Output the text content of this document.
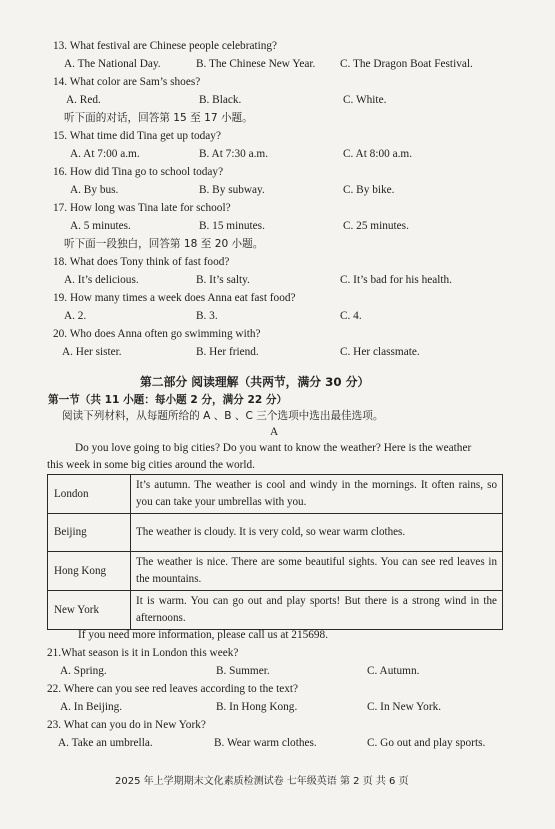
13. What festival are Chinese people celebrating?
A. The National Day.	B. The Chinese New Year. C. The Dragon Boat Festival.
14. What color are Sam’s shoes?
A. Red.	B. Black.	C. White.
听下面的对话，回答第 15 至 17 小题。
15. What time did Tina get up today?
A. At 7:00 a.m.	B. At 7:30 a.m.	C. At 8:00 a.m.
16. How did Tina go to school today?
A. By bus.	B. By subway.	C. By bike.
17. How long was Tina late for school?
A. 5 minutes.	B. 15 minutes.	C. 25 minutes.
听下面一段独白，回答第 18 至 20 小题。
18. What does Tony think of fast food?
A. It’s delicious.	B. It’s salty.	C. It’s bad for his health.
19. How many times a week does Anna eat fast food?
A. 2.	B. 3.	C. 4.
20. Who does Anna often go swimming with?
A. Her sister.	B. Her friend.	C. Her classmate.
第二部分 阅读理解（共两节，满分 30 分）
第一节（共 11 小题：每小题 2 分，满分 22 分）
阅读下列材料，从每题所给的 A 、B 、C 三个选项中选出最佳选项。
A
Do you love going to big cities? Do you want to know the weather? Here is the weather
this week in some big cities around the world.
London	It’s autumn. The weather is cool and windy in the mornings. It often rains, so you can take your umbrellas with you.
Beijing	The weather is cloudy. It is very cold, so wear warm clothes.
Hong Kong	The weather is nice. There are some beautiful sights. You can see red leaves in the mountains.
New York	It is warm. You can go out and play sports! But there is a strong wind in the afternoons.
If you need more information, please call us at 215698.
21.What season is it in London this week?
A. Spring.	B. Summer.	C. Autumn.
22. Where can you see red leaves according to the text?
A. In Beijing.	B. In Hong Kong.	C. In New York.
23. What can you do in New York?
A. Take an umbrella.	B. Wear warm clothes.	C. Go out and play sports.
2025 年上学期期末文化素质检测试卷 七年级英语 第 2 页 共 6 页
